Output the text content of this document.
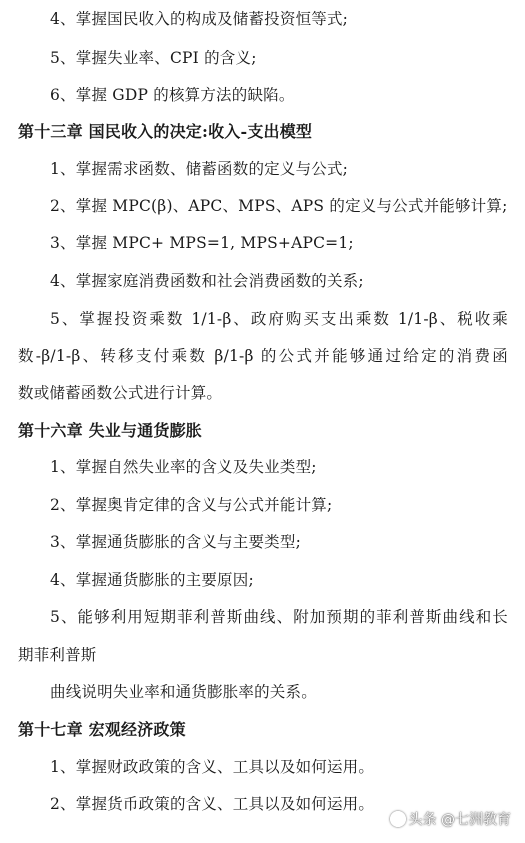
4、掌握国民收入的构成及储蓄投资恒等式;
5、掌握失业率、CPI 的含义;
6、掌握 GDP 的核算方法的缺陷。
第十三章 国民收入的决定:收入-支出模型
1、掌握需求函数、储蓄函数的定义与公式;
2、掌握 MPC(β)、APC、MPS、APS 的定义与公式并能够计算;
3、掌握 MPC+ MPS=1, MPS+APC=1;
4、掌握家庭消费函数和社会消费函数的关系;
5、掌握投资乘数 1/1-β、政府购买支出乘数 1/1-β、税收乘
数-β/1-β、转移支付乘数 β/1-β 的公式并能够通过给定的消费函
数或储蓄函数公式进行计算。
第十六章 失业与通货膨胀
1、掌握自然失业率的含义及失业类型;
2、掌握奥肯定律的含义与公式并能计算;
3、掌握通货膨胀的含义与主要类型;
4、掌握通货膨胀的主要原因;
5、能够利用短期菲利普斯曲线、附加预期的菲利普斯曲线和长
期菲利普斯
曲线说明失业率和通货膨胀率的关系。
第十七章 宏观经济政策
1、掌握财政政策的含义、工具以及如何运用。
2、掌握货币政策的含义、工具以及如何运用。
头条 @七洲教育
